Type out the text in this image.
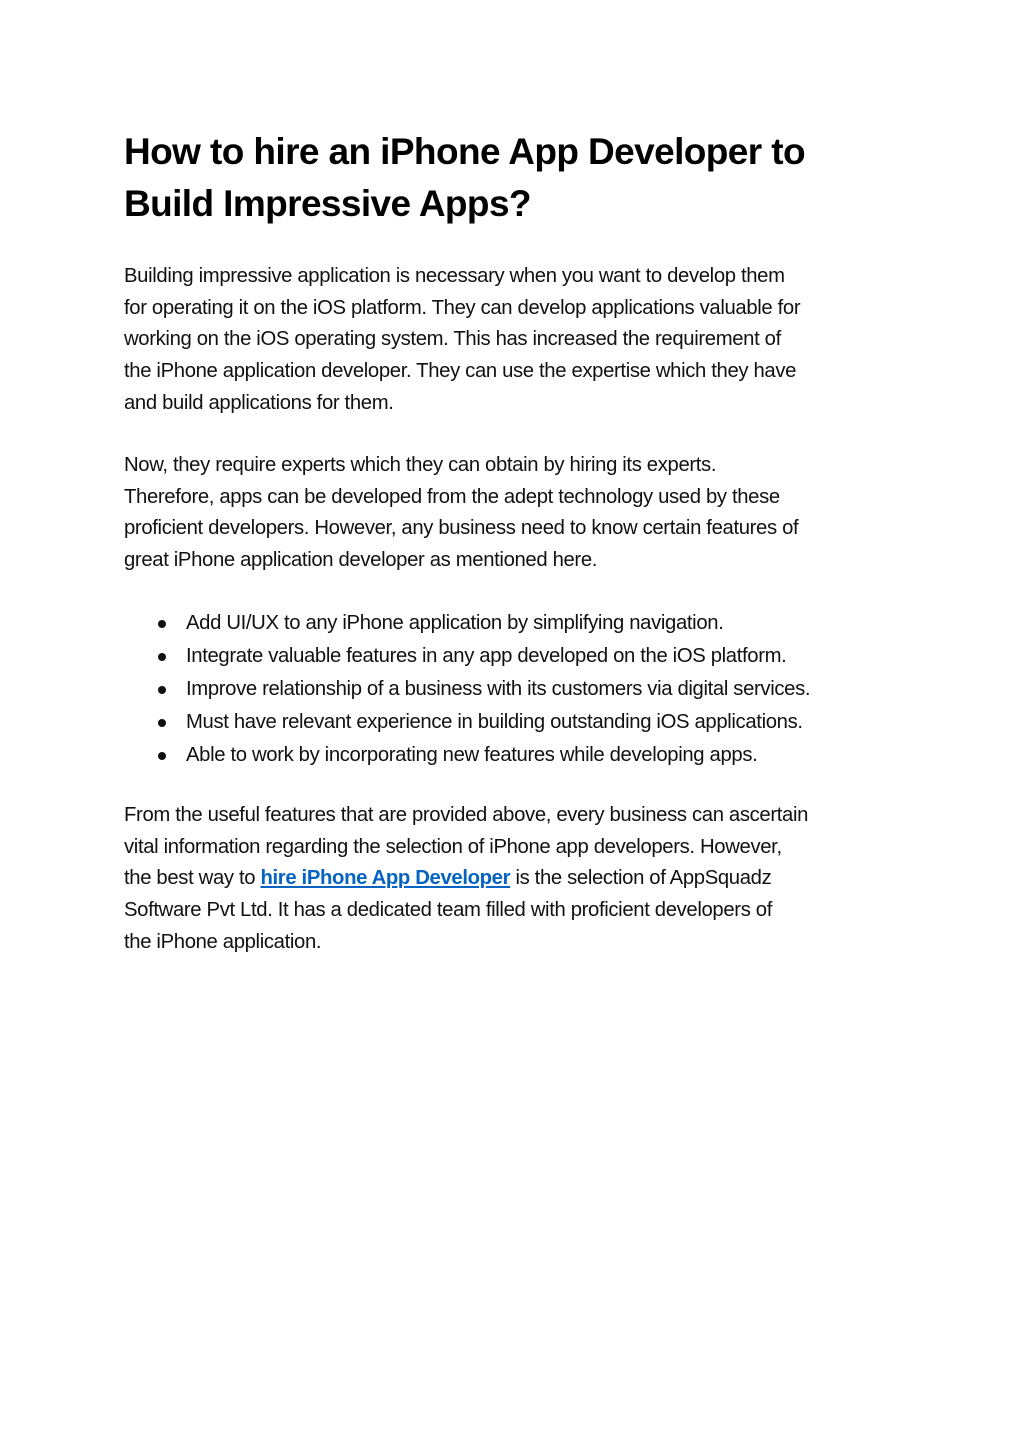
How to hire an iPhone App Developer to
Build Impressive Apps?

Building impressive application is necessary when you want to develop them
for operating it on the iOS platform. They can develop applications valuable for
working on the iOS operating system. This has increased the requirement of
the iPhone application developer. They can use the expertise which they have
and build applications for them.

Now, they require experts which they can obtain by hiring its experts.
Therefore, apps can be developed from the adept technology used by these
proficient developers. However, any business need to know certain features of
great iPhone application developer as mentioned here.

Add UI/UX to any iPhone application by simplifying navigation.
Integrate valuable features in any app developed on the iOS platform.
Improve relationship of a business with its customers via digital services.
Must have relevant experience in building outstanding iOS applications.
Able to work by incorporating new features while developing apps.

From the useful features that are provided above, every business can ascertain
vital information regarding the selection of iPhone app developers. However,
the best way to hire iPhone App Developer is the selection of AppSquadz
Software Pvt Ltd. It has a dedicated team filled with proficient developers of
the iPhone application.
